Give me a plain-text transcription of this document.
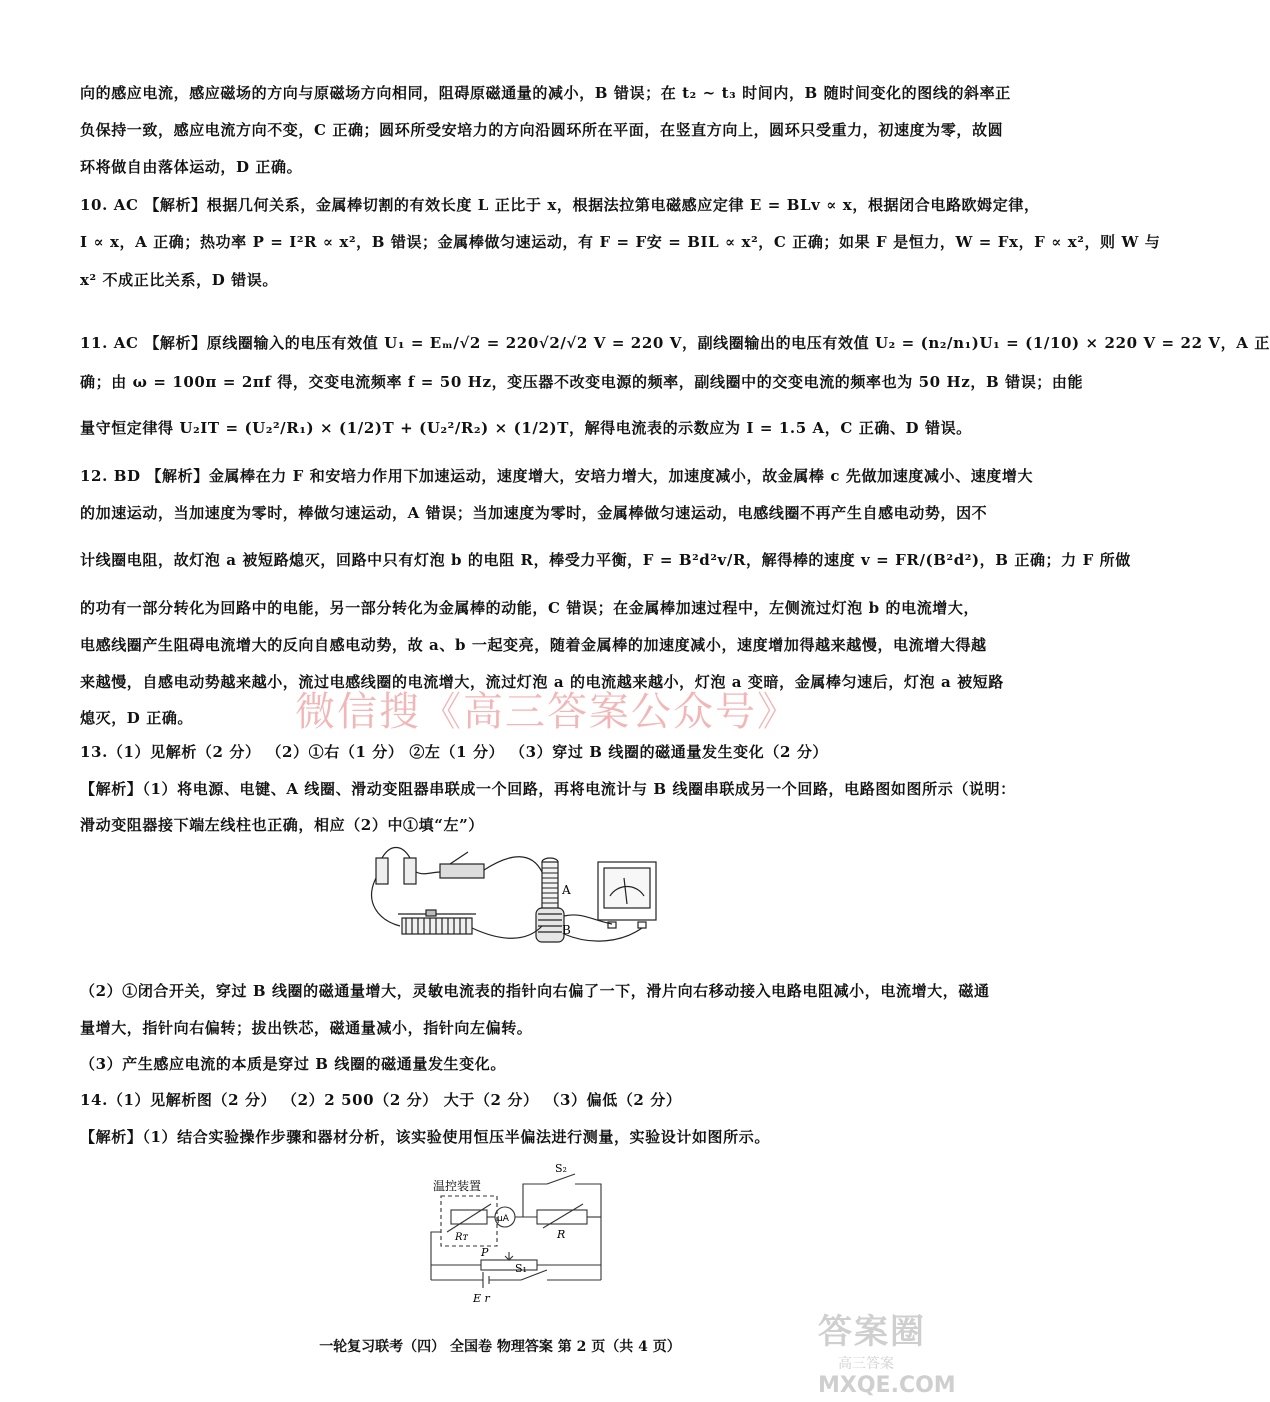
向的感应电流，感应磁场的方向与原磁场方向相同，阻碍原磁通量的减小，B 错误；在 t₂ ~ t₃ 时间内，B 随时间变化的图线的斜率正
负保持一致，感应电流方向不变，C 正确；圆环所受安培力的方向沿圆环所在平面，在竖直方向上，圆环只受重力，初速度为零，故圆
环将做自由落体运动，D 正确。
10. AC 【解析】根据几何关系，金属棒切割的有效长度 L 正比于 x，根据法拉第电磁感应定律 E = BLv ∝ x，根据闭合电路欧姆定律，
I ∝ x，A 正确；热功率 P = I²R ∝ x²，B 错误；金属棒做匀速运动，有 F = F安 = BIL ∝ x²，C 正确；如果 F 是恒力，W = Fx，F ∝ x²，则 W 与
x² 不成正比关系，D 错误。
11. AC 【解析】原线圈输入的电压有效值 U₁ = Eₘ/√2 = 220√2/√2 V = 220 V，副线圈输出的电压有效值 U₂ = (n₂/n₁)U₁ = (1/10) × 220 V = 22 V，A 正
确；由 ω = 100π = 2πf 得，交变电流频率 f = 50 Hz，变压器不改变电源的频率，副线圈中的交变电流的频率也为 50 Hz，B 错误；由能
量守恒定律得 U₂IT = (U₂²/R₁) × (1/2)T + (U₂²/R₂) × (1/2)T，解得电流表的示数应为 I = 1.5 A，C 正确、D 错误。
12. BD 【解析】金属棒在力 F 和安培力作用下加速运动，速度增大，安培力增大，加速度减小，故金属棒 c 先做加速度减小、速度增大
的加速运动，当加速度为零时，棒做匀速运动，A 错误；当加速度为零时，金属棒做匀速运动，电感线圈不再产生自感电动势，因不
计线圈电阻，故灯泡 a 被短路熄灭，回路中只有灯泡 b 的电阻 R，棒受力平衡，F = B²d²v/R，解得棒的速度 v = FR/(B²d²)，B 正确；力 F 所做
的功有一部分转化为回路中的电能，另一部分转化为金属棒的动能，C 错误；在金属棒加速过程中，左侧流过灯泡 b 的电流增大，
电感线圈产生阻碍电流增大的反向自感电动势，故 a、b 一起变亮，随着金属棒的加速度减小，速度增加得越来越慢，电流增大得越
来越慢，自感电动势越来越小，流过电感线圈的电流增大，流过灯泡 a 的电流越来越小，灯泡 a 变暗，金属棒匀速后，灯泡 a 被短路
熄灭，D 正确。
13.（1）见解析（2 分） （2）①右（1 分） ②左（1 分） （3）穿过 B 线圈的磁通量发生变化（2 分）
【解析】（1）将电源、电键、A 线圈、滑动变阻器串联成一个回路，再将电流计与 B 线圈串联成另一个回路，电路图如图所示（说明：
滑动变阻器接下端左线柱也正确，相应（2）中①填“左”）
（2）①闭合开关，穿过 B 线圈的磁通量增大，灵敏电流表的指针向右偏了一下，滑片向右移动接入电路电阻减小，电流增大，磁通
量增大，指针向右偏转；拔出铁芯，磁通量减小，指针向左偏转。
（3）产生感应电流的本质是穿过 B 线圈的磁通量发生变化。
14.（1）见解析图（2 分） （2）2 500（2 分） 大于（2 分） （3）偏低（2 分）
【解析】（1）结合实验操作步骤和器材分析，该实验使用恒压半偏法进行测量，实验设计如图所示。
微信搜《高三答案公众号》
A
B
温控装置
Rᴛ
μA
R
P
S₂
S₁
E r
一轮复习联考（四） 全国卷 物理答案 第 2 页（共 4 页）	答案圈
高三答案
MXQE.COM
